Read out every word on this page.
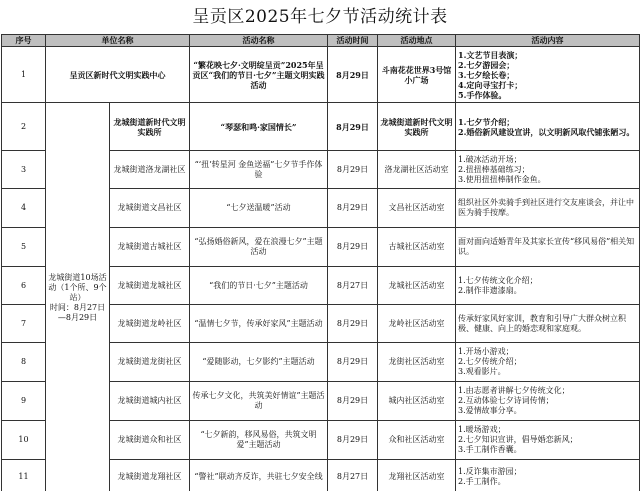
呈贡区2025年七夕节活动统计表
序号	单位名称		活动名称	活动时间	活动地点	活动内容
1	呈贡区新时代文明实践中心		“繁花映七夕·文明绽呈贡”2025年呈贡区“我们的节日·七夕”主题文明实践活动	8月29日	斗南花花世界3号馆小广场	1.文艺节目表演；
2.七夕游园会；
3.七夕绘长卷；
4.定向寻宝打卡；
5.手作体验。

2	龙城街道10场活动（1个所、9个站）
时间：8月27日—8月29日	龙城街道新时代文明实践所	“琴瑟和鸣·家国情长”	8月29日	龙城街道新时代文明实践所	1.七夕节介绍；
2.婚俗新风建设宣讲，以文明新风取代铺张陋习。

3		龙城街道洛龙湖社区	“‘扭’转星河 金鱼送福”七夕节手作体验	8月29日	洛龙湖社区活动室	1.破冰活动开场；
2.扭扭棒基础练习；
3.使用扭扭棒制作金鱼。

4		龙城街道文昌社区	“七夕送温暖”活动	8月29日	文昌社区活动室	组织社区外卖骑手到社区进行交友座谈会，并让中医为骑手按摩。

5		龙城街道古城社区	“弘扬婚俗新风，爱在浪漫七夕”主题活动	8月29日	古城社区活动室	面对面向适婚青年及其家长宣传“移风易俗”相关知识。

6		龙城街道龙城社区	“我们的节日·七夕”主题活动	8月27日	龙城社区活动室	1.七夕传统文化介绍；
2.制作非遗漆扇。

7		龙城街道龙岭社区	“温情七夕节，传承好家风”主题活动	8月29日	龙岭社区活动室	传承好家风好家训，教育和引导广大群众树立积极、健康、向上的婚恋观和家庭观。

8		龙城街道龙街社区	“爱随影动，七夕影约”主题活动	8月29日	龙街社区活动室	1.开场小游戏；
2.七夕传统介绍；
3.观看影片。

9		龙城街道城内社区	传承七夕文化，共筑美好情谊”主题活动	8月29日	城内社区活动室	1.由志愿者讲解七夕传统文化；
2.互动体验七夕诗词传情；
3.爱情故事分享。

10		龙城街道众和社区	“七夕新韵，移风易俗，共筑文明爱”主题活动	8月29日	众和社区活动室	1.暖场游戏；
2.七夕知识宣讲，倡导婚恋新风；
3.手工制作香囊。

11		龙城街道龙翔社区	“警社”联动齐反诈，共驻七夕安全线	8月27日	龙翔社区活动室	1.反诈集市游园；
2.手工制作。
